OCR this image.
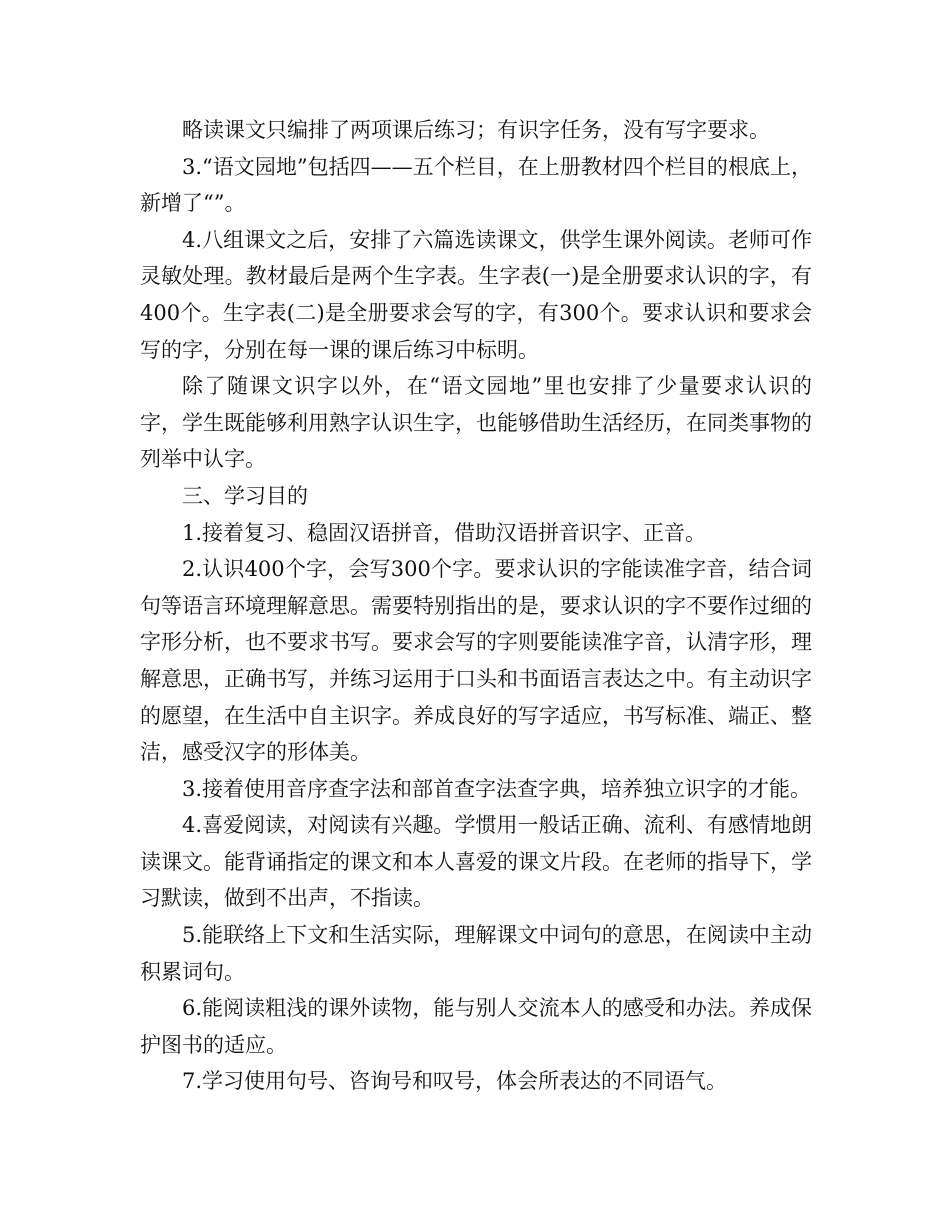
略读课文只编排了两项课后练习；有识字任务，没有写字要求。

3.“语文园地”包括四——五个栏目，在上册教材四个栏目的根底上，新增了“”。

4.八组课文之后，安排了六篇选读课文，供学生课外阅读。老师可作灵敏处理。教材最后是两个生字表。生字表(一)是全册要求认识的字，有400个。生字表(二)是全册要求会写的字，有300个。要求认识和要求会写的字，分别在每一课的课后练习中标明。

除了随课文识字以外，在“语文园地”里也安排了少量要求认识的字，学生既能够利用熟字认识生字，也能够借助生活经历，在同类事物的列举中认字。

三、学习目的

1.接着复习、稳固汉语拼音，借助汉语拼音识字、正音。

2.认识400个字，会写300个字。要求认识的字能读准字音，结合词句等语言环境理解意思。需要特别指出的是，要求认识的字不要作过细的字形分析，也不要求书写。要求会写的字则要能读准字音，认清字形，理解意思，正确书写，并练习运用于口头和书面语言表达之中。有主动识字的愿望，在生活中自主识字。养成良好的写字适应，书写标准、端正、整洁，感受汉字的形体美。

3.接着使用音序查字法和部首查字法查字典，培养独立识字的才能。

4.喜爱阅读，对阅读有兴趣。学惯用一般话正确、流利、有感情地朗读课文。能背诵指定的课文和本人喜爱的课文片段。在老师的指导下，学习默读，做到不出声，不指读。

5.能联络上下文和生活实际，理解课文中词句的意思，在阅读中主动积累词句。

6.能阅读粗浅的课外读物，能与别人交流本人的感受和办法。养成保护图书的适应。

7.学习使用句号、咨询号和叹号，体会所表达的不同语气。
